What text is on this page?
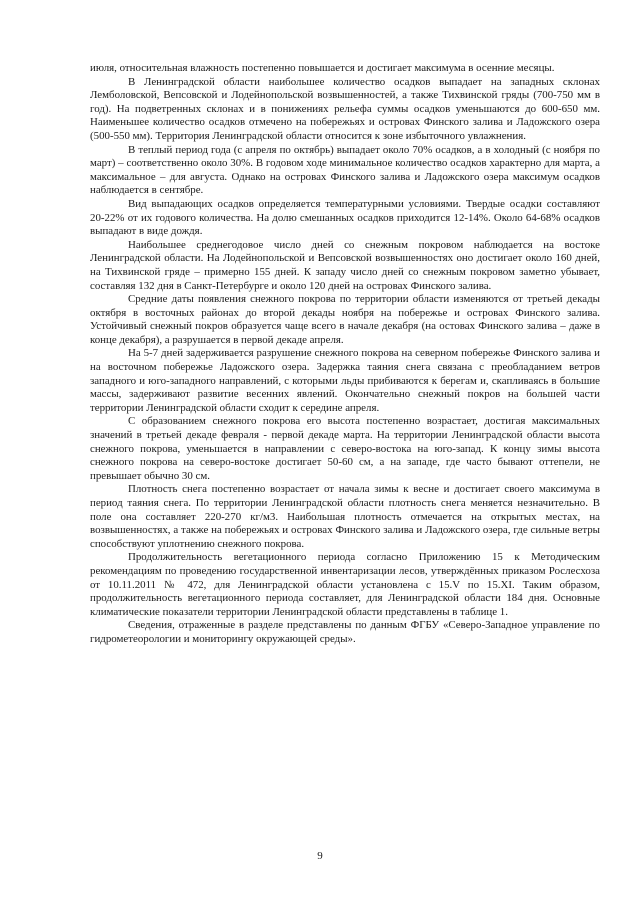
июля, относительная влажность постепенно повышается и достигает максимума в осенние месяцы.

В Ленинградской области наибольшее количество осадков выпадает на западных склонах Лемболовской, Вепсовской и Лодейнопольской возвышенностей, а также Тихвинской гряды (700-750 мм в год). На подветренных склонах и в понижениях рельефа суммы осадков уменьшаются до 600-650 мм. Наименьшее количество осадков отмечено на побережьях и островах Финского залива и Ладожского озера (500-550 мм). Территория Ленинградской области относится к зоне избыточного увлажнения.

В теплый период года (с апреля по октябрь) выпадает около 70% осадков, а в холодный (с ноября по март) – соответственно около 30%. В годовом ходе минимальное количество осадков характерно для марта, а максимальное – для августа. Однако на островах Финского залива и Ладожского озера максимум осадков наблюдается в сентябре.

Вид выпадающих осадков определяется температурными условиями. Твердые осадки составляют 20-22% от их годового количества. На долю смешанных осадков приходится 12-14%. Около 64-68% осадков выпадают в виде дождя.

Наибольшее среднегодовое число дней со снежным покровом наблюдается на востоке Ленинградской области. На Лодейнопольской и Вепсовской возвышенностях оно достигает около 160 дней, на Тихвинской гряде – примерно 155 дней. К западу число дней со снежным покровом заметно убывает, составляя 132 дня в Санкт-Петербурге и около 120 дней на островах Финского залива.

Средние даты появления снежного покрова по территории области изменяются от третьей декады октября в восточных районах до второй декады ноября на побережье и островах Финского залива. Устойчивый снежный покров образуется чаще всего в начале декабря (на остовах Финского залива – даже в конце декабря), а разрушается в первой декаде апреля.

На 5-7 дней задерживается разрушение снежного покрова на северном побережье Финского залива и на восточном побережье Ладожского озера. Задержка таяния снега связана с преобладанием ветров западного и юго-западного направлений, с которыми льды прибиваются к берегам и, скапливаясь в большие массы, задерживают развитие весенних явлений. Окончательно снежный покров на большей части территории Ленинградской области сходит к середине апреля.

С образованием снежного покрова его высота постепенно возрастает, достигая максимальных значений в третьей декаде февраля - первой декаде марта. На территории Ленинградской области высота снежного покрова, уменьшается в направлении с северо-востока на юго-запад. К концу зимы высота снежного покрова на северо-востоке достигает 50-60 см, а на западе, где часто бывают оттепели, не превышает обычно 30 см.

Плотность снега постепенно возрастает от начала зимы к весне и достигает своего максимума в период таяния снега. По территории Ленинградской области плотность снега меняется незначительно. В поле она составляет 220-270 кг/м3. Наибольшая плотность отмечается на открытых местах, на возвышенностях, а также на побережьях и островах Финского залива и Ладожского озера, где сильные ветры способствуют уплотнению снежного покрова.

Продолжительность вегетационного периода согласно Приложению 15 к Методическим рекомендациям по проведению государственной инвентаризации лесов, утверждённых приказом Рослесхоза от 10.11.2011 № 472, для Ленинградской области установлена с 15.V по 15.XI. Таким образом, продолжительность вегетационного периода составляет, для Ленинградской области 184 дня. Основные климатические показатели территории Ленинградской области представлены в таблице 1.

Сведения, отраженные в разделе представлены по данным ФГБУ «Северо-Западное управление по гидрометеорологии и мониторингу окружающей среды».

9
